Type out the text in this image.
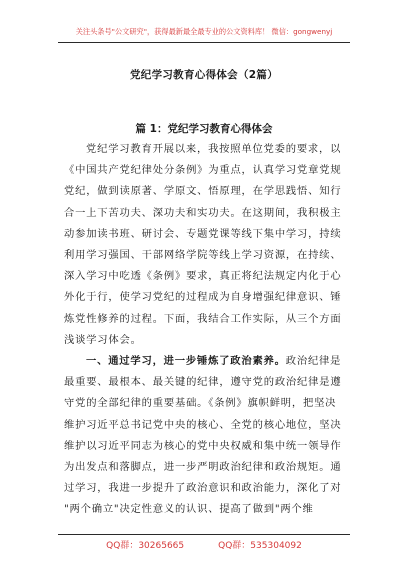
关注头条号"公文研究"，获得最新最全最专业的公文资料库！ 微信：gongwenyj
党纪学习教育心得体会（2篇）
篇 1：党纪学习教育心得体会
党纪学习教育开展以来，我按照单位党委的要求，以
《中国共产党纪律处分条例》为重点，认真学习党章党规
党纪，做到读原著、学原文、悟原理，在学思践悟、知行
合一上下苦功夫、深功夫和实功夫。在这期间，我积极主
动参加读书班、研讨会、专题党课等线下集中学习，持续
利用学习强国、干部网络学院等线上学习资源，在持续、
深入学习中吃透《条例》要求，真正将纪法规定内化于心
外化于行，使学习党纪的过程成为自身增强纪律意识、锤
炼党性修养的过程。下面，我结合工作实际，从三个方面
浅谈学习体会。
一、通过学习，进一步锤炼了政治素养。政治纪律是
最重要、最根本、最关键的纪律，遵守党的政治纪律是遵
守党的全部纪律的重要基础。《条例》旗帜鲜明，把坚决
维护习近平总书记党中央的核心、全党的核心地位，坚决
维护以习近平同志为核心的党中央权威和集中统一领导作
为出发点和落脚点，进一步严明政治纪律和政治规矩。通
过学习，我进一步提升了政治意识和政治能力，深化了对
"两个确立"决定性意义的认识、提高了做到"两个维
QQ群：30265665	QQ群：535304092
